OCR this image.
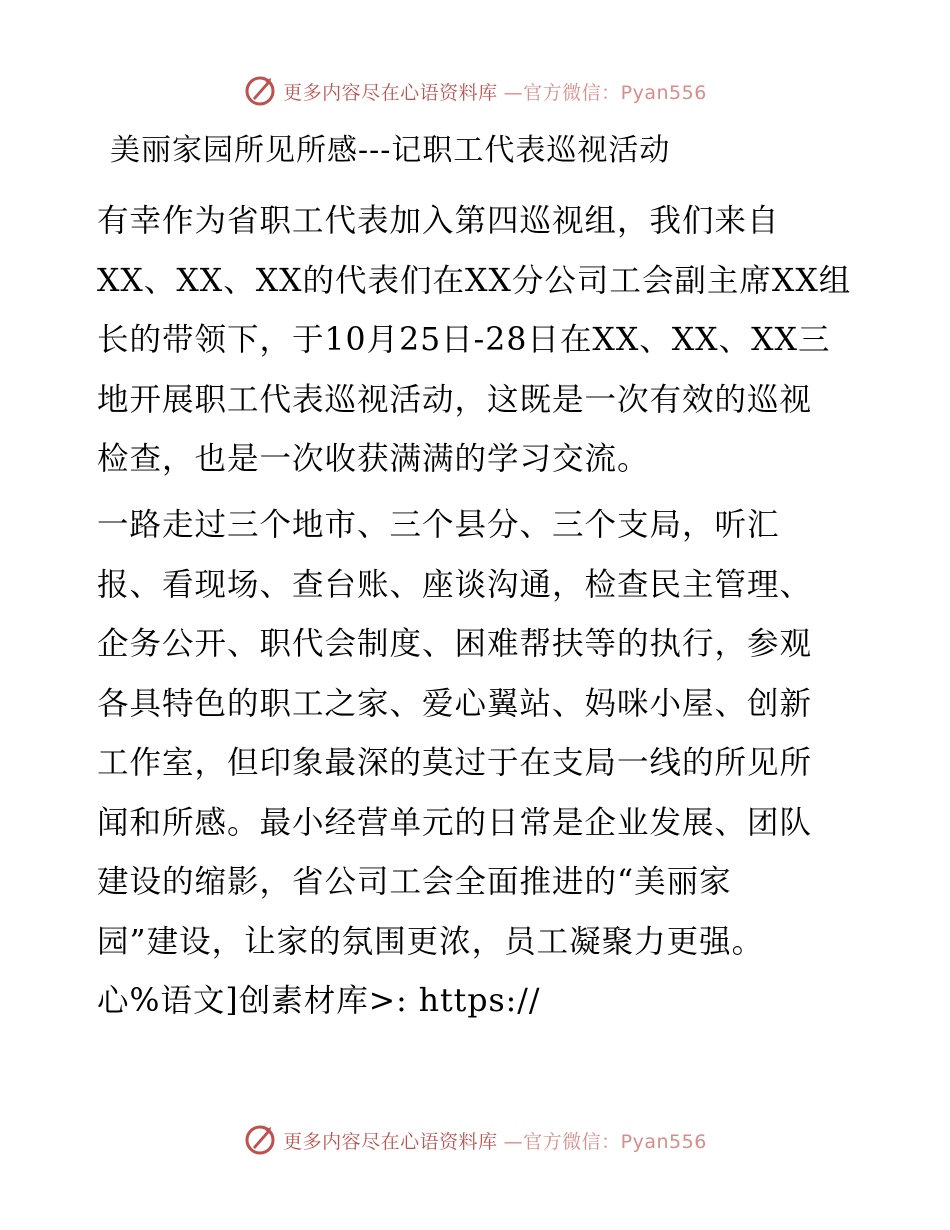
更多内容尽在心语资料库 —官方微信：Pyan556
美丽家园所见所感---记职工代表巡视活动

有幸作为省职工代表加入第四巡视组，我们来自
XX、XX、XX的代表们在XX分公司工会副主席XX组
长的带领下，于10月25日-28日在XX、XX、XX三
地开展职工代表巡视活动，这既是一次有效的巡视
检查，也是一次收获满满的学习交流。

一路走过三个地市、三个县分、三个支局，听汇
报、看现场、查台账、座谈沟通，检查民主管理、
企务公开、职代会制度、困难帮扶等的执行，参观
各具特色的职工之家、爱心翼站、妈咪小屋、创新
工作室，但印象最深的莫过于在支局一线的所见所
闻和所感。最小经营单元的日常是企业发展、团队
建设的缩影，省公司工会全面推进的“美丽家
园”建设，让家的氛围更浓，员工凝聚力更强。
心%语文]创素材库>: https://

更多内容尽在心语资料库 —官方微信：Pyan556
